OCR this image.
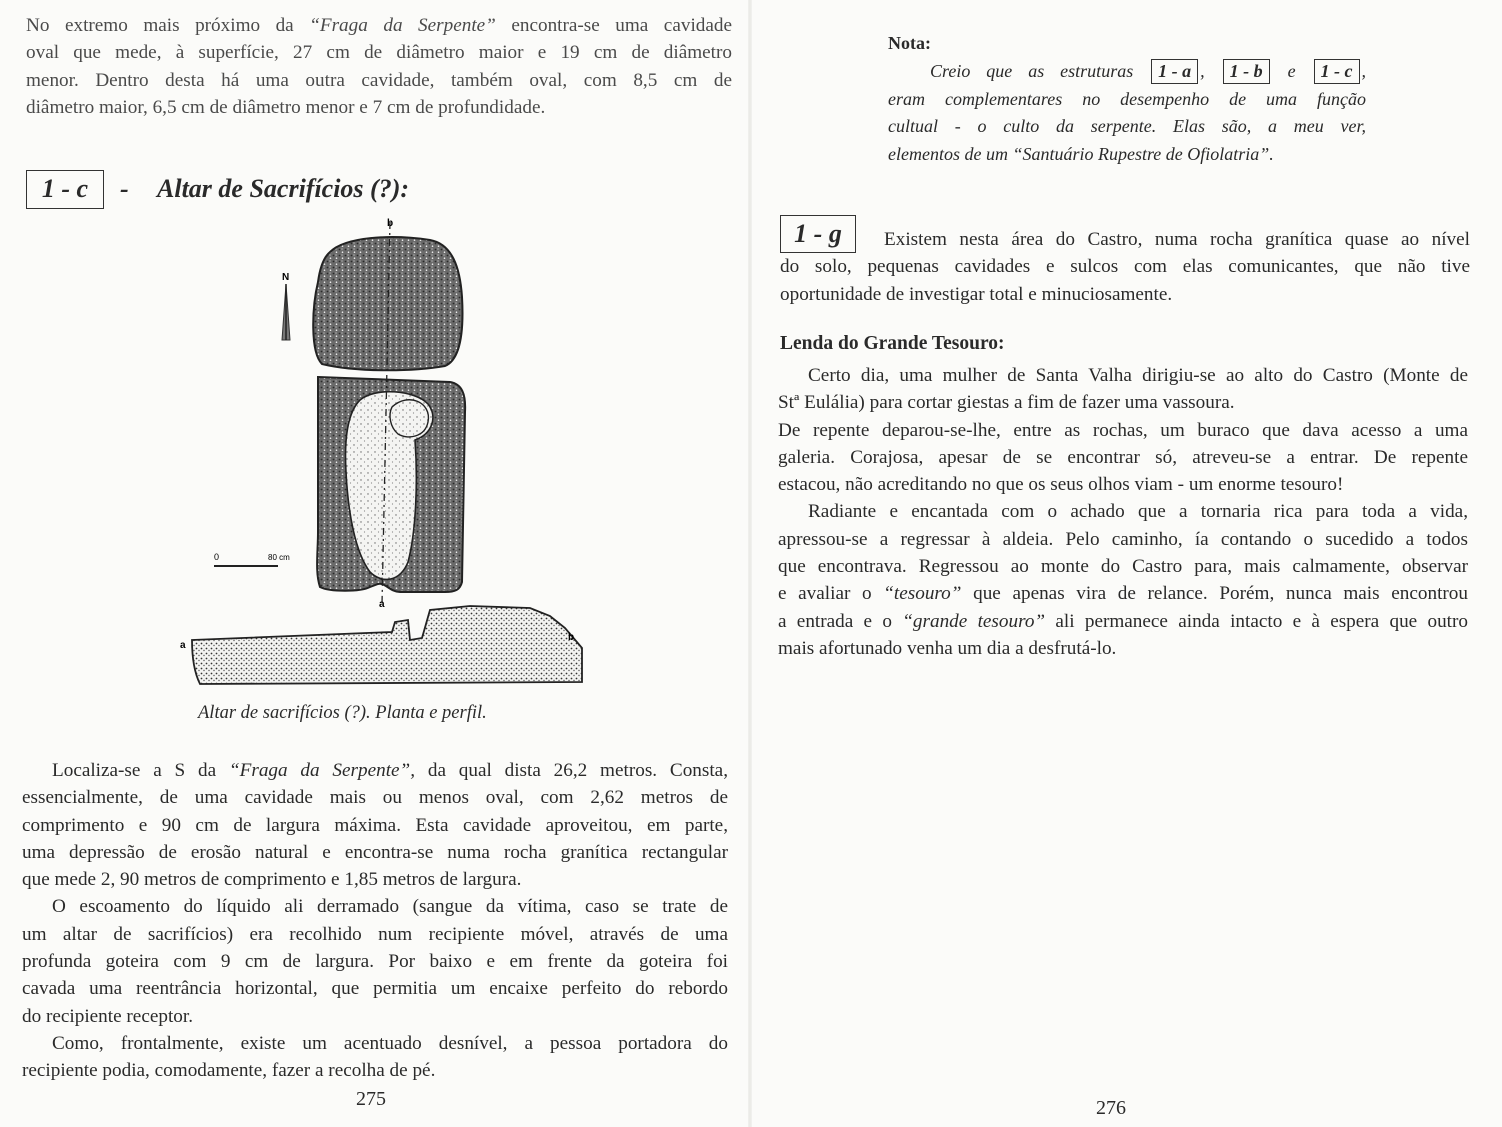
No extremo mais próximo da “Fraga da Serpente” encontra-se uma cavidade
oval que mede, à superfície, 27 cm de diâmetro maior e 19 cm de diâmetro
menor. Dentro desta há uma outra cavidade, também oval, com 8,5 cm de
diâmetro maior, 6,5 cm de diâmetro menor e 7 cm de profundidade.
1 - c	- Altar de Sacrifícios (?):
N
b
a
0	80 cm
a
b
Altar de sacrifícios (?). Planta e perfil.
Localiza-se a S da “Fraga da Serpente”, da qual dista 26,2 metros. Consta,
essencialmente, de uma cavidade mais ou menos oval, com 2,62 metros de
comprimento e 90 cm de largura máxima. Esta cavidade aproveitou, em parte,
uma depressão de erosão natural e encontra-se numa rocha granítica rectangular
que mede 2, 90 metros de comprimento e 1,85 metros de largura.
O escoamento do líquido ali derramado (sangue da vítima, caso se trate de
um altar de sacrifícios) era recolhido num recipiente móvel, através de uma
profunda goteira com 9 cm de largura. Por baixo e em frente da goteira foi
cavada uma reentrância horizontal, que permitia um encaixe perfeito do rebordo
do recipiente receptor.
Como, frontalmente, existe um acentuado desnível, a pessoa portadora do
recipiente podia, comodamente, fazer a recolha de pé.
275
Nota:
Creio que as estruturas 1 - a , 1 - b e 1 - c ,
eram complementares no desempenho de uma função
cultual - o culto da serpente. Elas são, a meu ver,
elementos de um “Santuário Rupestre de Ofiolatria”.
1 - g	Existem nesta área do Castro, numa rocha granítica quase ao nível
do solo, pequenas cavidades e sulcos com elas comunicantes, que não tive
oportunidade de investigar total e minuciosamente.
Lenda do Grande Tesouro:
Certo dia, uma mulher de Santa Valha dirigiu-se ao alto do Castro (Monte de
Stª Eulália) para cortar giestas a fim de fazer uma vassoura.
De repente deparou-se-lhe, entre as rochas, um buraco que dava acesso a uma
galeria. Corajosa, apesar de se encontrar só, atreveu-se a entrar. De repente
estacou, não acreditando no que os seus olhos viam - um enorme tesouro!
Radiante e encantada com o achado que a tornaria rica para toda a vida,
apressou-se a regressar à aldeia. Pelo caminho, ía contando o sucedido a todos
que encontrava. Regressou ao monte do Castro para, mais calmamente, observar
e avaliar o “tesouro” que apenas vira de relance. Porém, nunca mais encontrou
a entrada e o “grande tesouro” ali permanece ainda intacto e à espera que outro
mais afortunado venha um dia a desfrutá-lo.
276
